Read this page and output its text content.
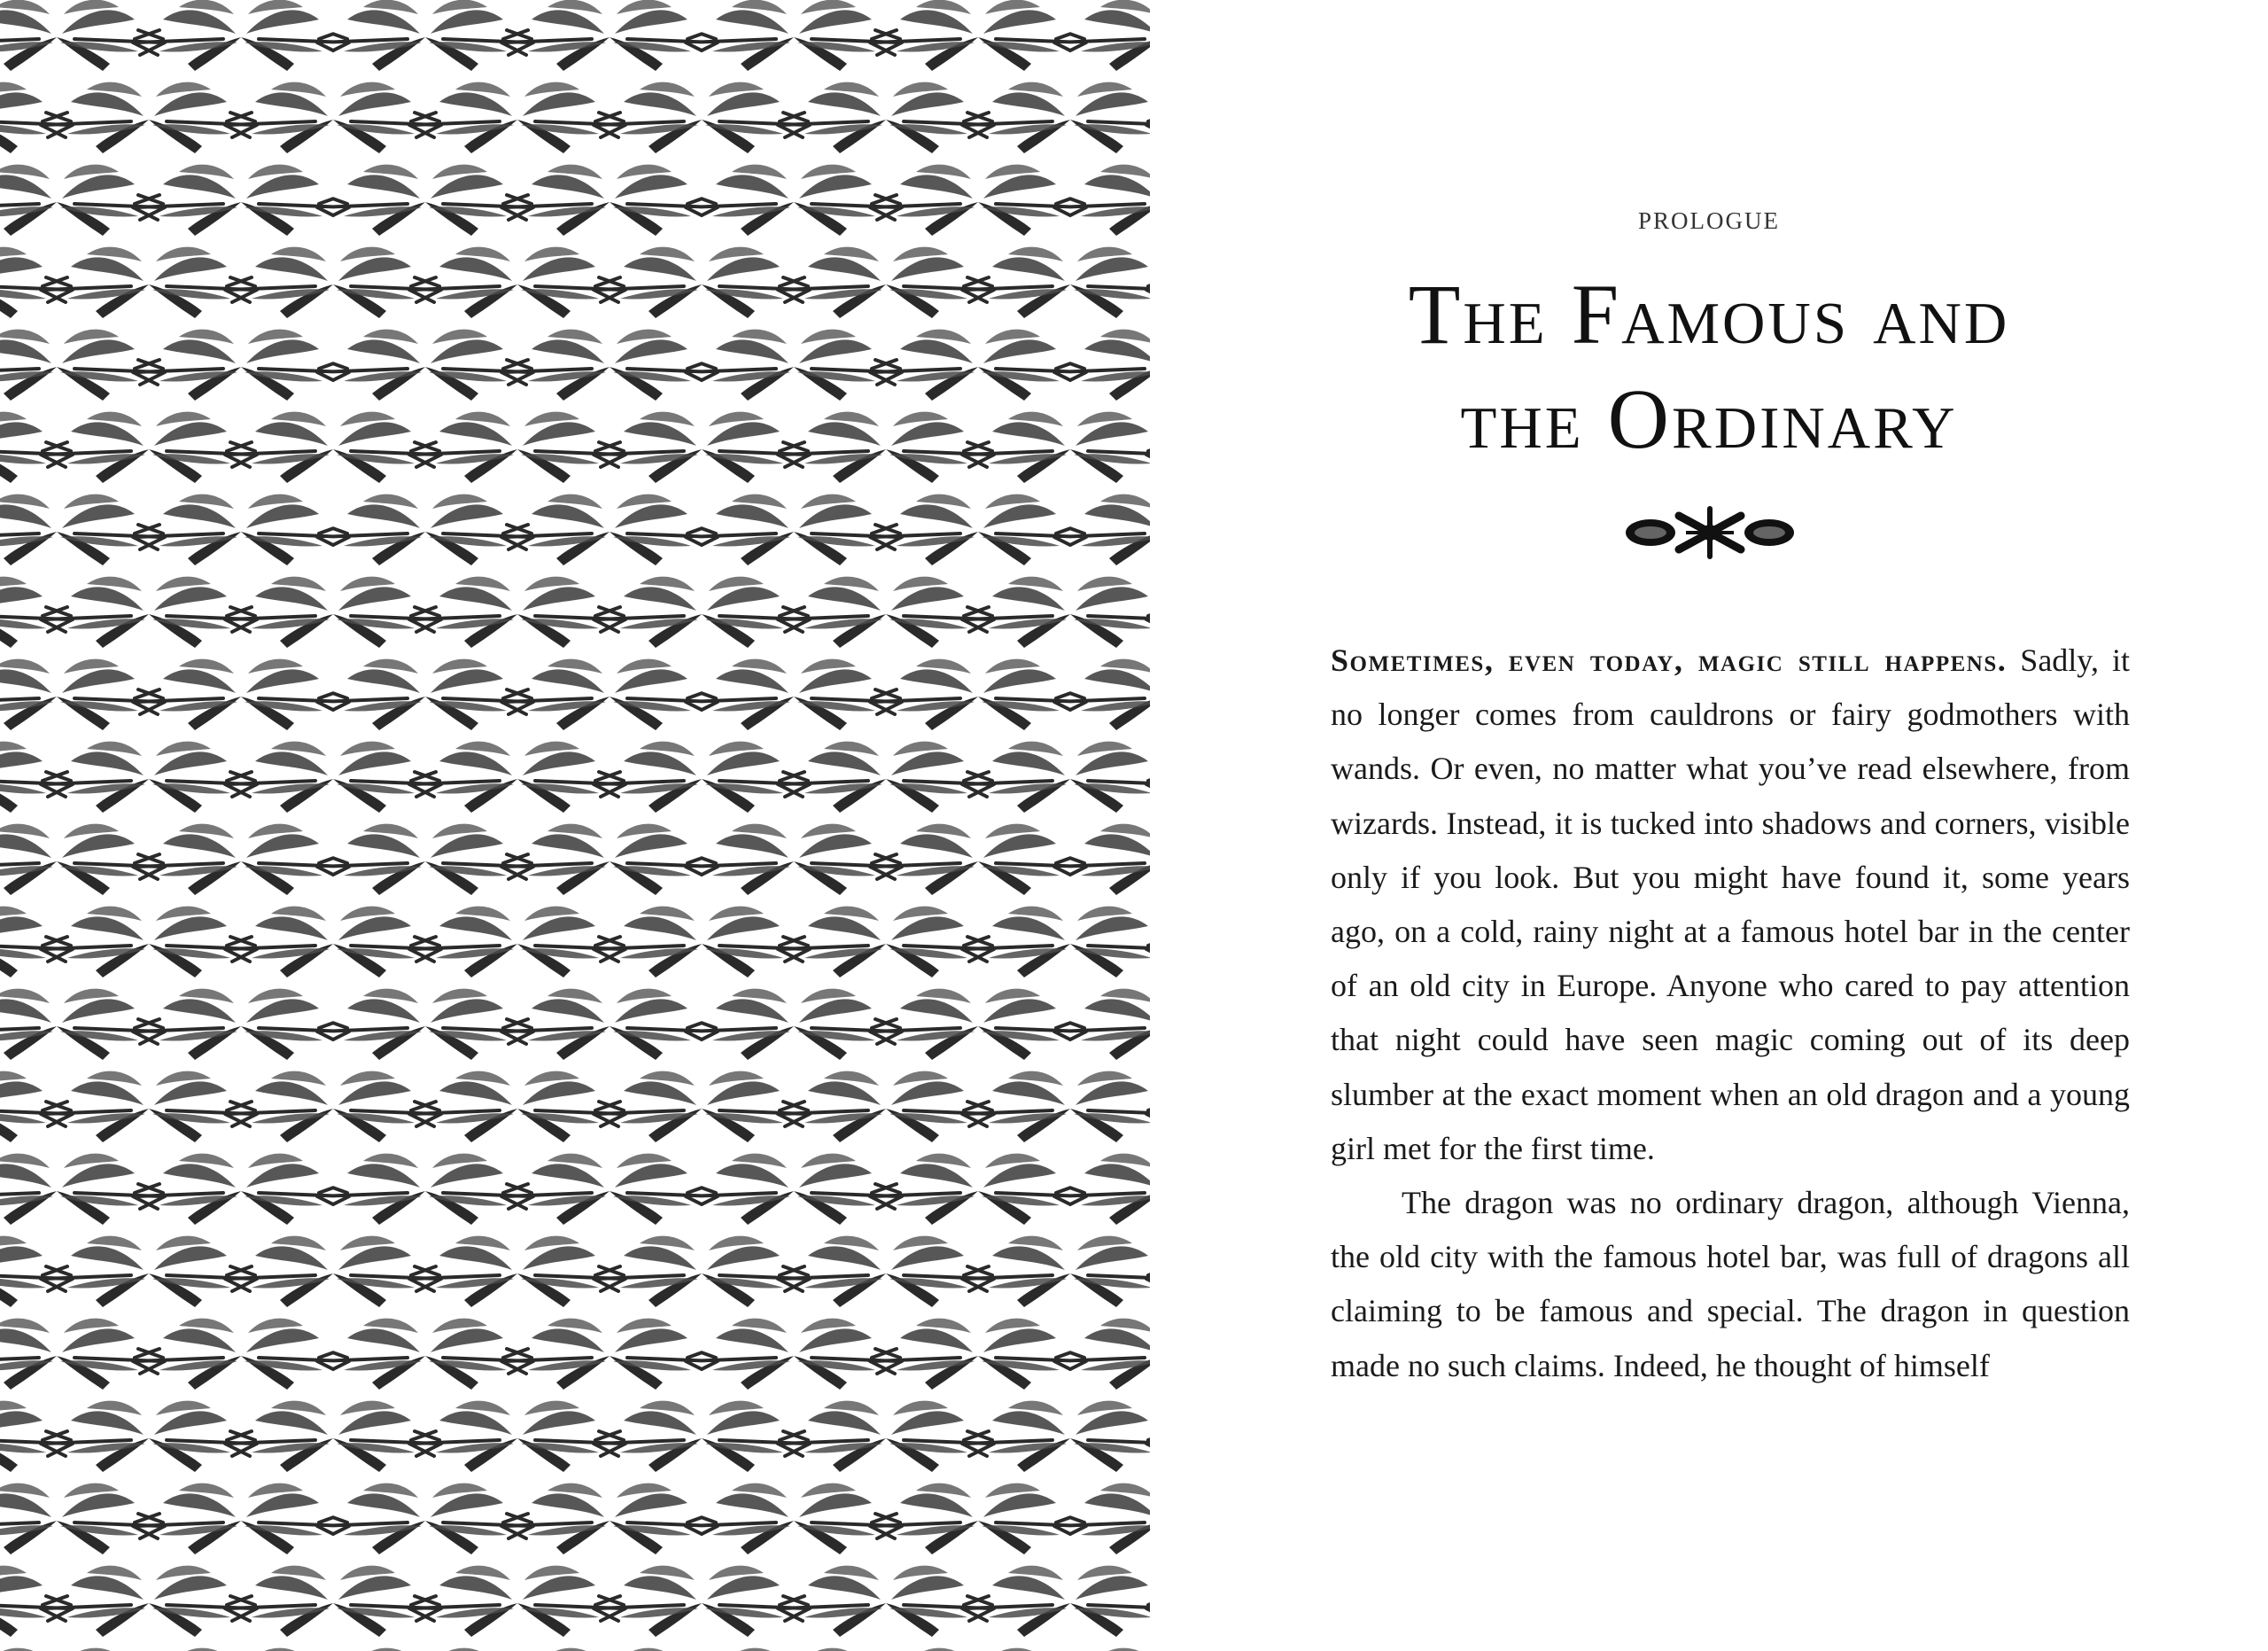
PROLOGUE
The Famous and
the Ordinary

Sometimes, even today, magic still happens. Sadly, it no longer comes from cauldrons or fairy godmothers with wands. Or even, no matter what you’ve read elsewhere, from wizards. Instead, it is tucked into shadows and corners, visible only if you look. But you might have found it, some years ago, on a cold, rainy night at a famous hotel bar in the center of an old city in Europe. Anyone who cared to pay attention that night could have seen magic coming out of its deep slumber at the exact moment when an old dragon and a young girl met for the first time.

The dragon was no ordinary dragon, although Vienna, the old city with the famous hotel bar, was full of dragons all claiming to be famous and special. The dragon in question made no such claims. Indeed, he thought of himself
